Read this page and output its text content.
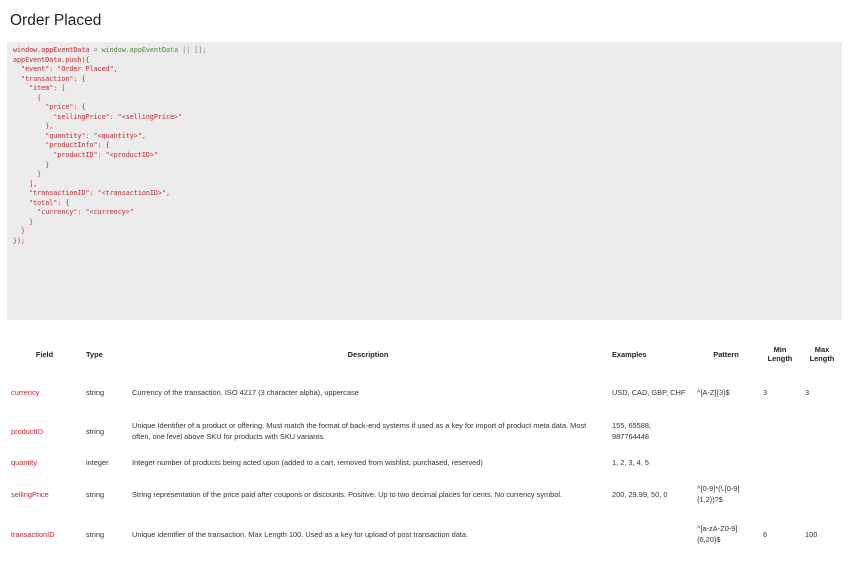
Order Placed
window.appEventData = window.appEventData || [];
appEventData.push({
"event": "Order Placed",
"transaction": {
"item": [
{
"price": {
"sellingPrice": "<sellingPrice>"
},
"quantity": "<quantity>",
"productInfo": {
"productID": "<productID>"
}
}
],
"transactionID": "<transactionID>",
"total": {
"currency": "<currency>"
}
}
});
Field	Type	Description	Examples	Pattern	Min Length	Max Length
currency	string	Currency of the transaction. ISO 4217 (3 character alpha), uppercase	USD, CAD, GBP, CHF	^[A-Z]{3}$	3	3
productID	string	Unique Identifier of a product or offering. Must match the format of back-end systems if used as a key for import of product meta data. Most often, one level above SKU for products with SKU variants.	155, 65588, 987764448			
quantity	integer	Integer number of products being acted upon (added to a cart, removed from wishlist, purchased, reserved)	1, 2, 3, 4, 5			
sellingPrice	string	String representation of the price paid after coupons or discounts. Positive. Up to two decimal places for cents. No currency symbol.	200, 29.99, 50, 0	^[0-9]*(\.[0-9]{1,2})?$		
transactionID	string	Unique identifier of the transaction. Max Length 100. Used as a key for upload of post transaction data.		^[a-zA-Z0-9]{6,20}$	6	100
